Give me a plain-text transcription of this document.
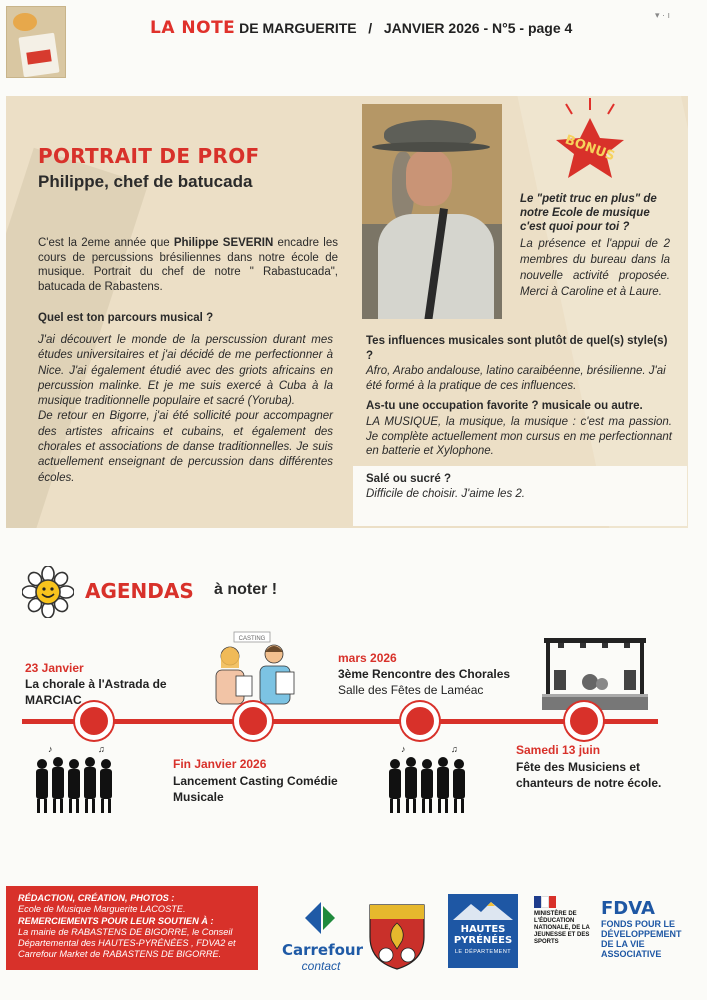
LA NOTE DE MARGUERITE   /   JANVIER 2026 - N°5 - page 4
▾ · ı
PORTRAIT DE PROF
Philippe, chef de batucada
BONUS
Le "petit truc en plus" de notre Ecole de musique c'est quoi pour toi ?
La présence et l'appui de 2 membres du bureau dans la nouvelle activité proposée. Merci à Caroline et à Laure.
C'est la 2eme année que Philippe SEVERIN encadre les cours de percussions brésiliennes dans notre école de musique. Portrait du chef de notre " Rabastucada", batucada de Rabastens.
Quel est ton parcours musical ?

J'ai découvert le monde de la perscussion durant mes études universitaires et j'ai décidé de me perfectionner à Nice. J'ai également étudié avec des griots africains en percussion malinke. Et je me suis exercé à Cuba à la musique traditionnelle populaire et sacré (Yoruba).

De retour en Bigorre, j'ai été sollicité pour accompagner des artistes africains et cubains, et également des chorales et associations de danse traditionnelles. Je suis actuellement enseignant de percussion dans différentes écoles.

Tes influences musicales sont plutôt de quel(s) style(s) ?
Afro, Arabo andalouse, latino caraibéenne, brésilienne. J'ai été formé à la pratique de ces influences.
As-tu une occupation favorite ? musicale ou autre.
LA MUSIQUE, la musique, la musique : c'est ma passion. Je complète actuellement mon cursus en me perfectionnant en batterie et Xylophone.
Salé ou sucré ?
Difficile de choisir. J'aime les 2.
AGENDAS à noter !
CASTING
♪	♫	♪	♫
23 Janvier
La chorale à l'Astrada de MARCIAC
Fin Janvier 2026
Lancement Casting Comédie Musicale
mars 2026
3ème Rencontre des Chorales
Salle des Fêtes de Laméac
Samedi 13 juin
Fête des Musiciens et chanteurs de notre école.
RÉDACTION, CRÉATION, PHOTOS :
Ecole de Musique Marguerite LACOSTE.
REMERCIEMENTS POUR LEUR SOUTIEN À :
La mairie de RABASTENS DE BIGORRE, le Conseil Départemental des HAUTES-PYRÉNÉES , FDVA2 et Carrefour Market de RABASTENS DE BIGORRE.	Carrefour
contact
HAUTES
PYRÉNÉES
LE DÉPARTEMENT
MINISTÈRE DE L'ÉDUCATION NATIONALE, DE LA JEUNESSE ET DES SPORTS
FDVA
FONDS POUR LE DÉVELOPPEMENT DE LA VIE ASSOCIATIVE
